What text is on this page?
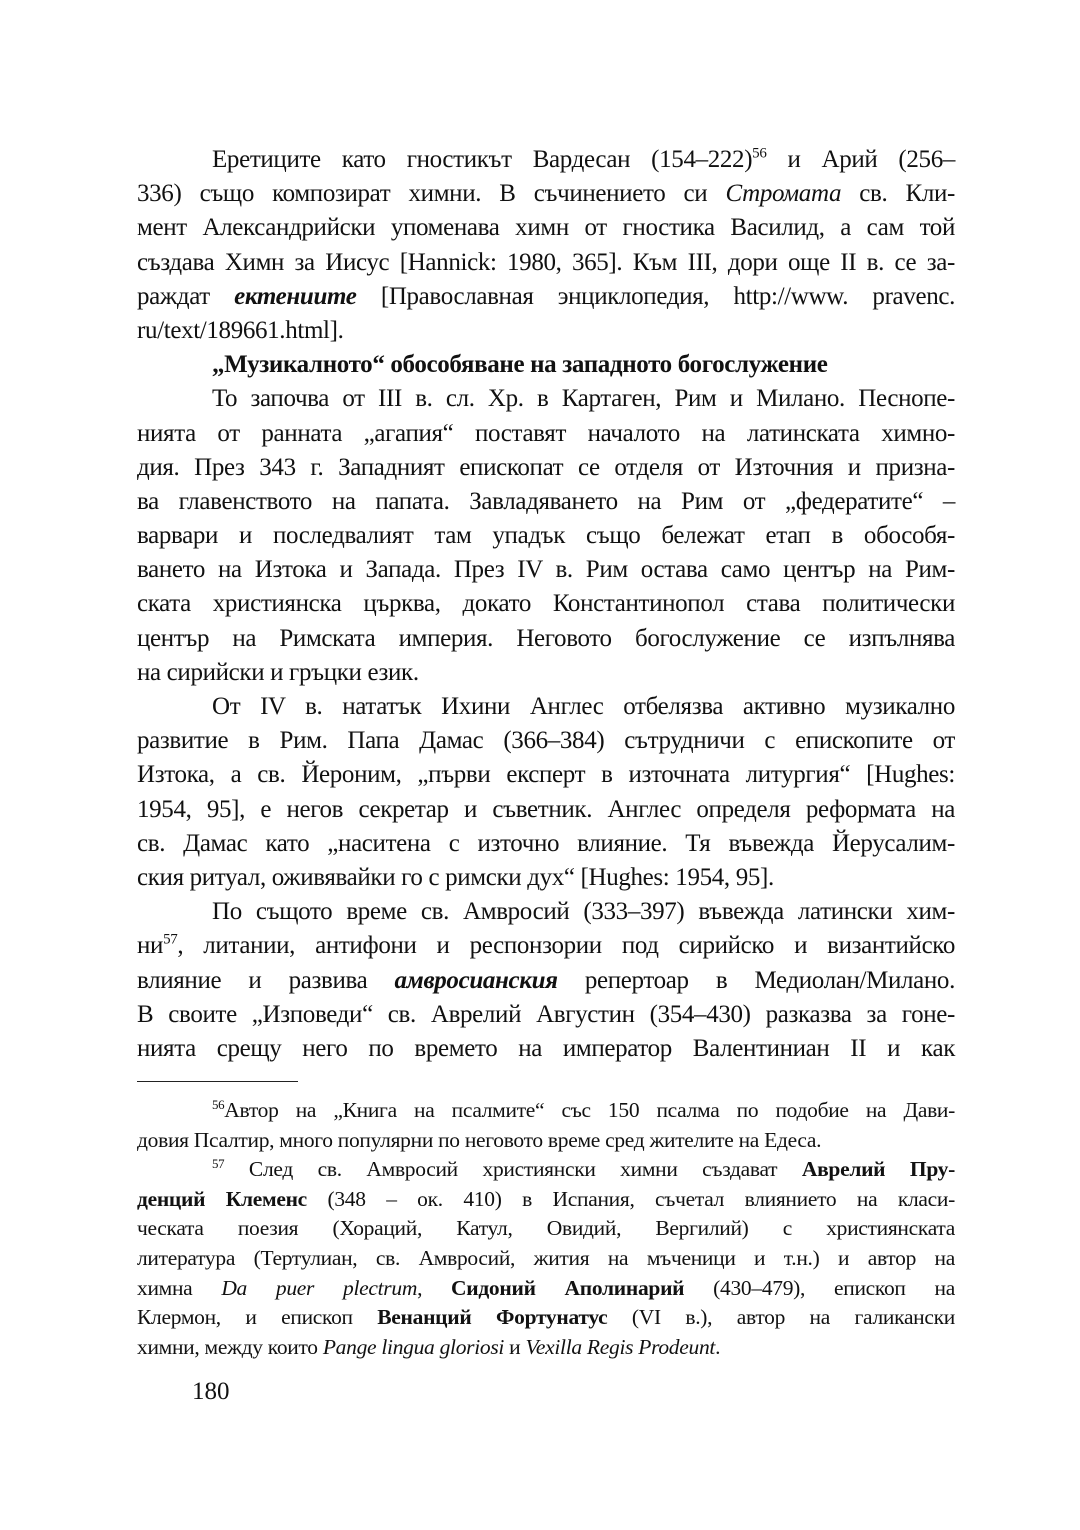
Еретиците като гностикът Вардесан $(154-222)^{56}$ и Арий (256–
336) също композират химни. В съчинението си Стромата св. Кли-
мент Александрийски упоменава химн от гностика Василид, а сам той
създава Химн за Иисус [Hannick: 1980, 365]. Към III, дори още II в. се за-
раждат ектениите [Православная энциклопедия, http://www. pravenc.
ru/text/189661.html].
„Музикалното“ обособяване на западното богослужение
То започва от III в. сл. Хр. в Картаген, Рим и Милано. Песнопе-
нията от ранната „агапия“ поставят началото на латинската химно-
дия. През 343 г. Западният епископат се отделя от Източния и призна-
ва главенството на папата. Завладяването на Рим от „федератите“ –
варвари и последвалият там упадък също бележат етап в обособя-
ването на Изтока и Запада. През IV в. Рим остава само център на Рим-
ската християнска църква, докато Константинопол става политически
център на Римската империя. Неговото богослужение се изпълнява
на сирийски и гръцки език.
От IV в. нататък Ихини Англес отбелязва активно музикално
развитие в Рим. Папа Дамас (366–384) сътрудничи с епископите от
Изтока, а св. Йероним, „първи експерт в източната литургия“ [Hughes:
1954, 95], е негов секретар и съветник. Англес определя реформата на
св. Дамас като „наситена с източно влияние. Тя въвежда Йерусалим-
ския ритуал, оживявайки го с римски дух“ [Hughes: 1954, 95].
По същото време св. Амвросий (333–397) въвежда латински хим-
$ни^{57}$, литании, антифони и респонзории под сирийско и византийско
влияние и развива амвросианския репертоар в Медиолан/Милано.
В своите „Изповеди“ св. Аврелий Августин (354–430) разказва за гоне-
нията срещу него по времето на император Валентиниан II и как
$^{56}$Автор на „Книга на псалмите“ със 150 псалма по подобие на Дави-
довия Псалтир, много популярни по неговото време сред жителите на Едеса.
$^{57}$ След св. Амвросий християнски химни създават Аврелий Пру-
денций Клеменс (348 – ок. 410) в Испания, съчетал влиянието на класи-
ческата поезия (Хораций, Катул, Овидий, Вергилий) с християнската
литература (Тертулиан, св. Амвросий, жития на мъченици и т.н.) и автор на
химна Da puer plectrum, Сидоний Аполинарий (430–479), епископ на
Клермон, и епископ Венанций Фортунатус (VI в.), автор на галикански
химни, между които Pange lingua gloriosi и Vexilla Regis Prodeunt.
180
